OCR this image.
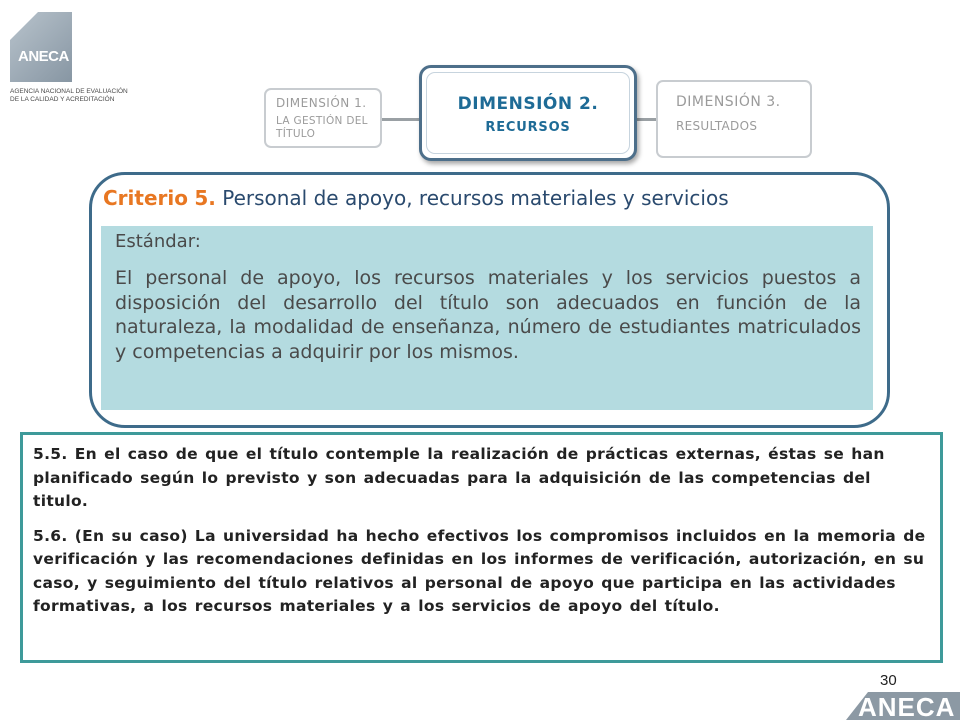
ANECA
AGENCIA NACIONAL DE EVALUACIÓN
DE LA CALIDAD Y ACREDITACIÓN	DIMENSIÓN 1.
LA GESTIÓN DEL TÍTULO
DIMENSIÓN 2.
RECURSOS
DIMENSIÓN 3.
RESULTADOS
Criterio 5. Personal de apoyo, recursos materiales y servicios
Estándar:
El personal de apoyo, los recursos materiales y los servicios puestos a disposición del desarrollo del título son adecuados en función de la naturaleza, la modalidad de enseñanza, número de estudiantes matriculados y competencias a adquirir por los mismos.

5.5. En el caso de que el título contemple la realización de prácticas externas, éstas se han planificado según lo previsto y son adecuadas para la adquisición de las competencias del titulo.

5.6. (En su caso) La universidad ha hecho efectivos los compromisos incluidos en la memoria de verificación y las recomendaciones definidas en los informes de verificación, autorización, en su caso, y seguimiento del título relativos al personal de apoyo que participa en las actividades formativas, a los recursos materiales y a los servicios de apoyo del título.

30
ANECA
